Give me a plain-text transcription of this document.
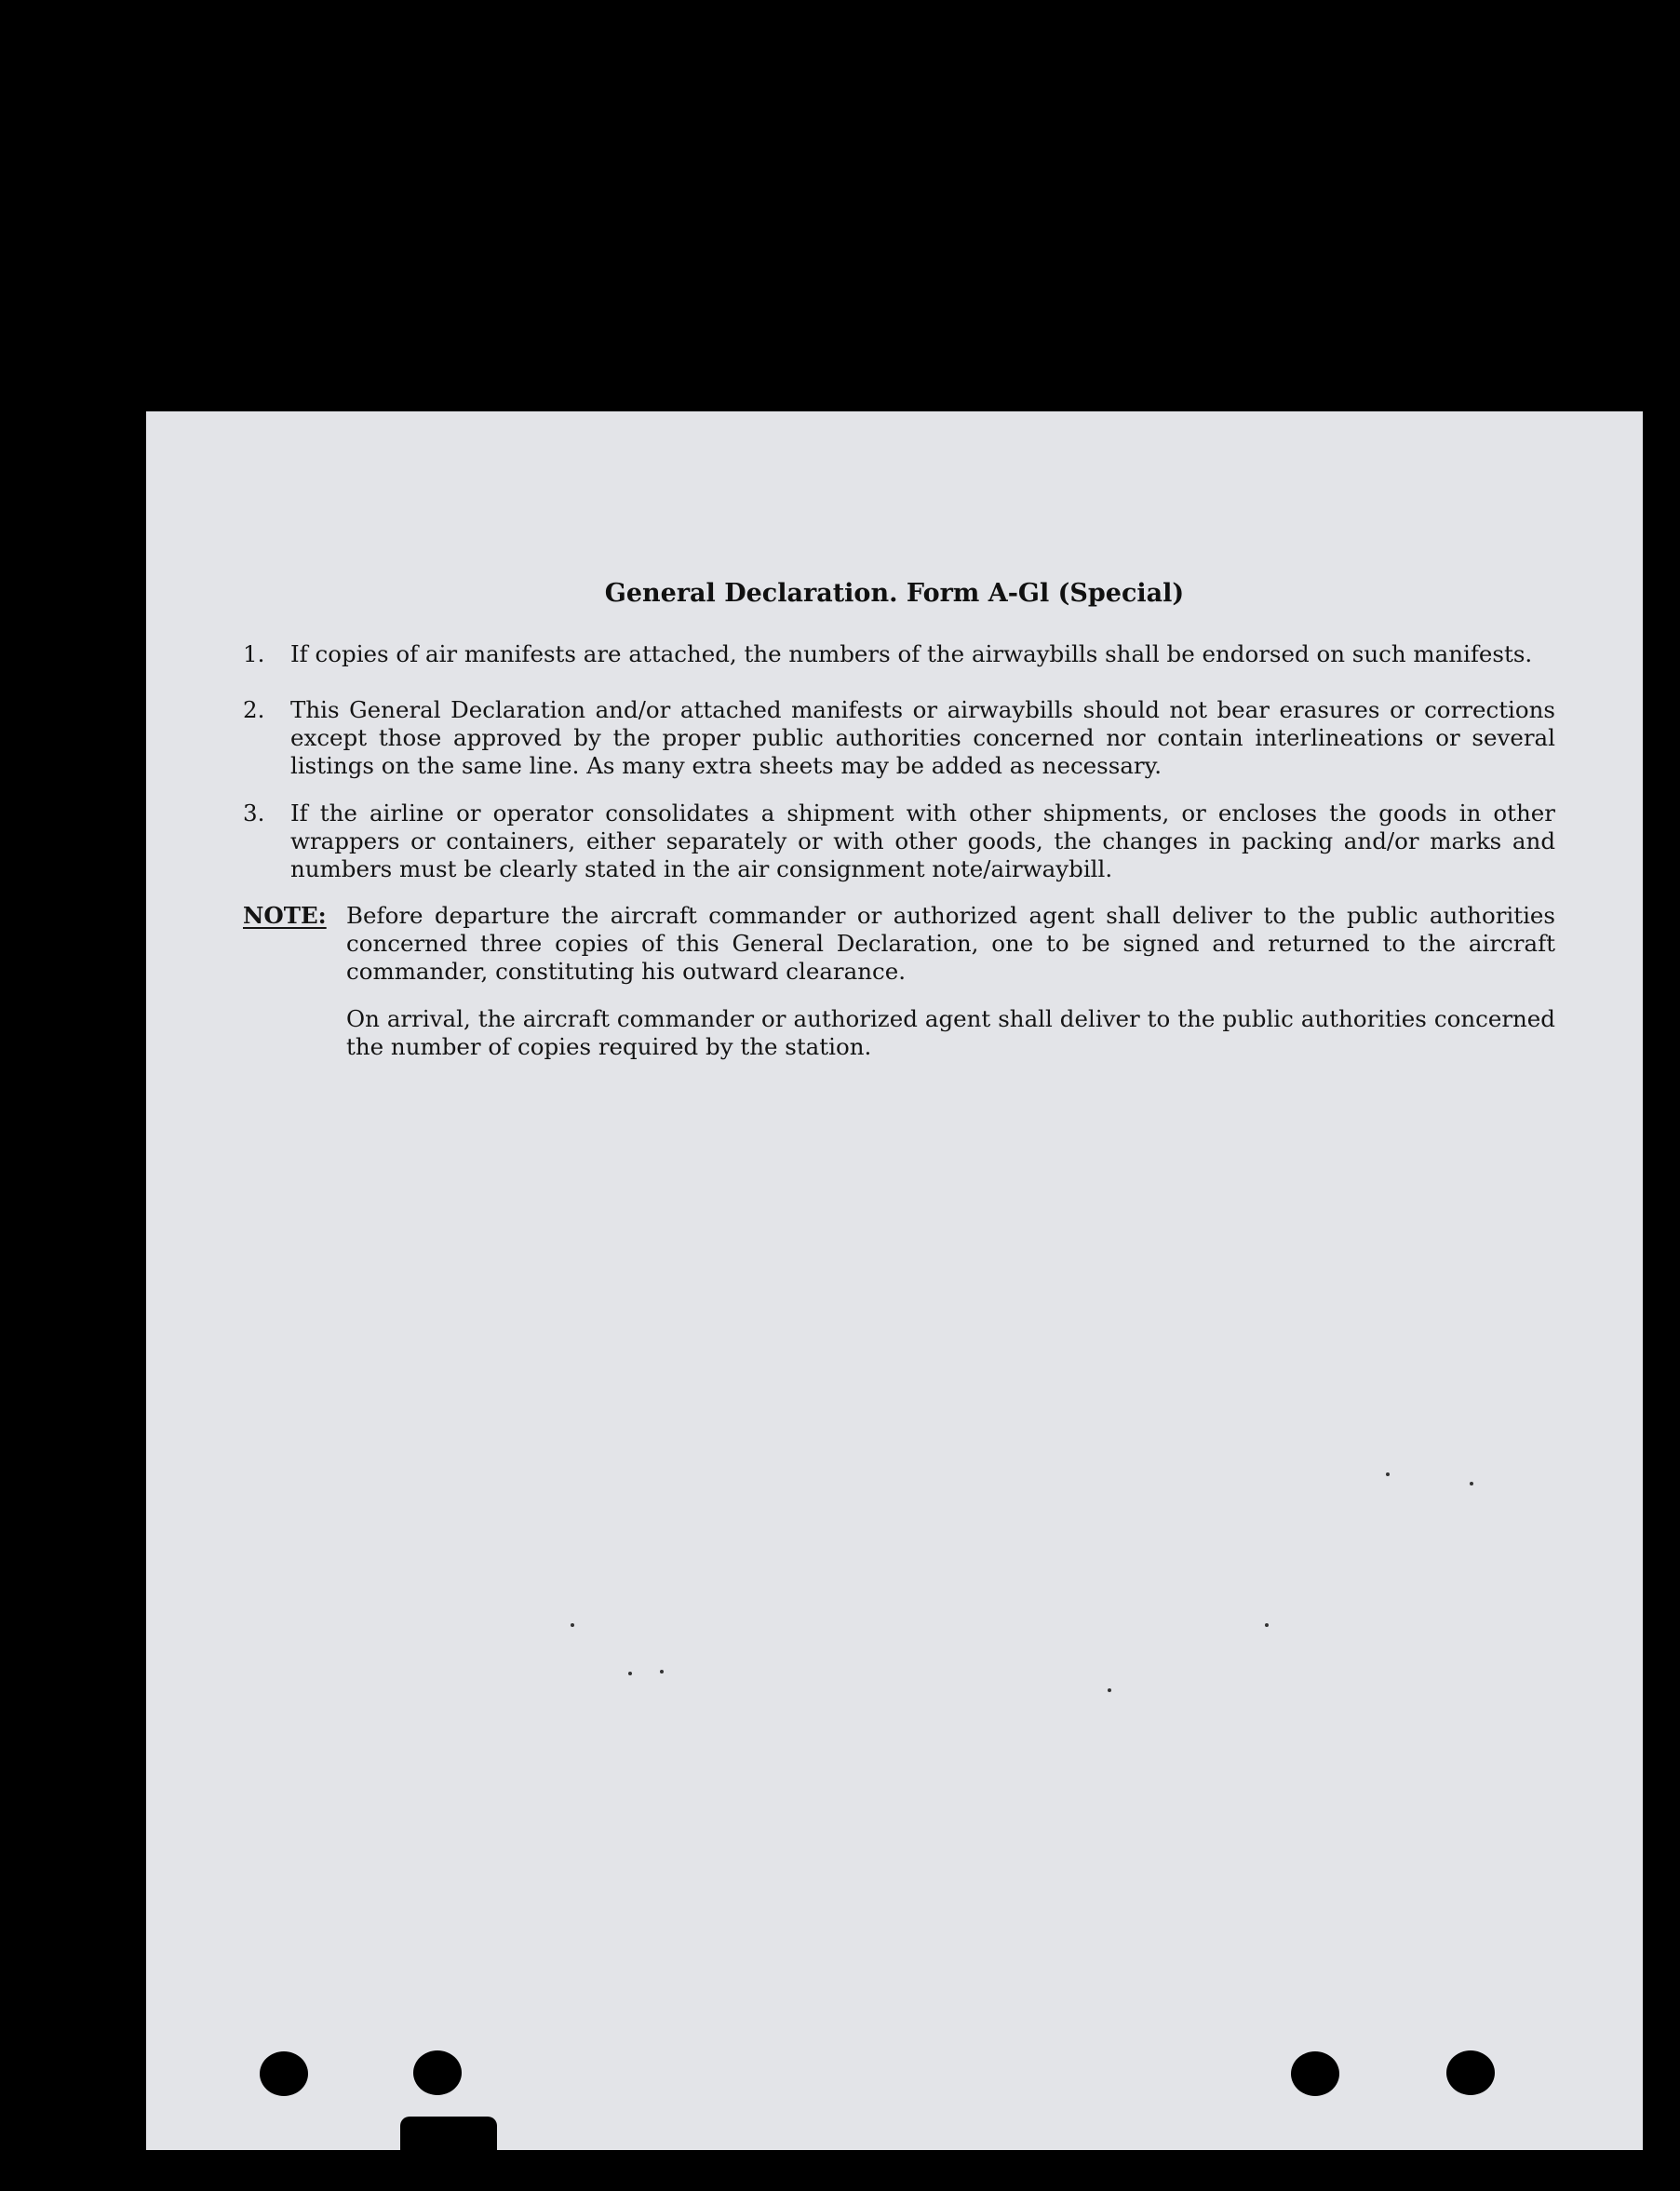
General Declaration. Form A-Gl (Special)
1. If copies of air manifests are attached, the numbers of the airwaybills shall be endorsed on such manifests.
2. This General Declaration and/or attached manifests or airwaybills should not bear erasures or corrections except those approved by the proper public authorities concerned nor contain interlineations or several listings on the same line. As many extra sheets may be added as necessary.
3. If the airline or operator consolidates a shipment with other shipments, or encloses the goods in other wrappers or containers, either separately or with other goods, the changes in packing and/or marks and numbers must be clearly stated in the air consignment note/airwaybill.
NOTE: Before departure the aircraft commander or authorized agent shall deliver to the public authorities concerned three copies of this General Declaration, one to be signed and returned to the aircraft commander, constituting his outward clearance.
On arrival, the aircraft commander or authorized agent shall deliver to the public authorities concerned the number of copies required by the station.
